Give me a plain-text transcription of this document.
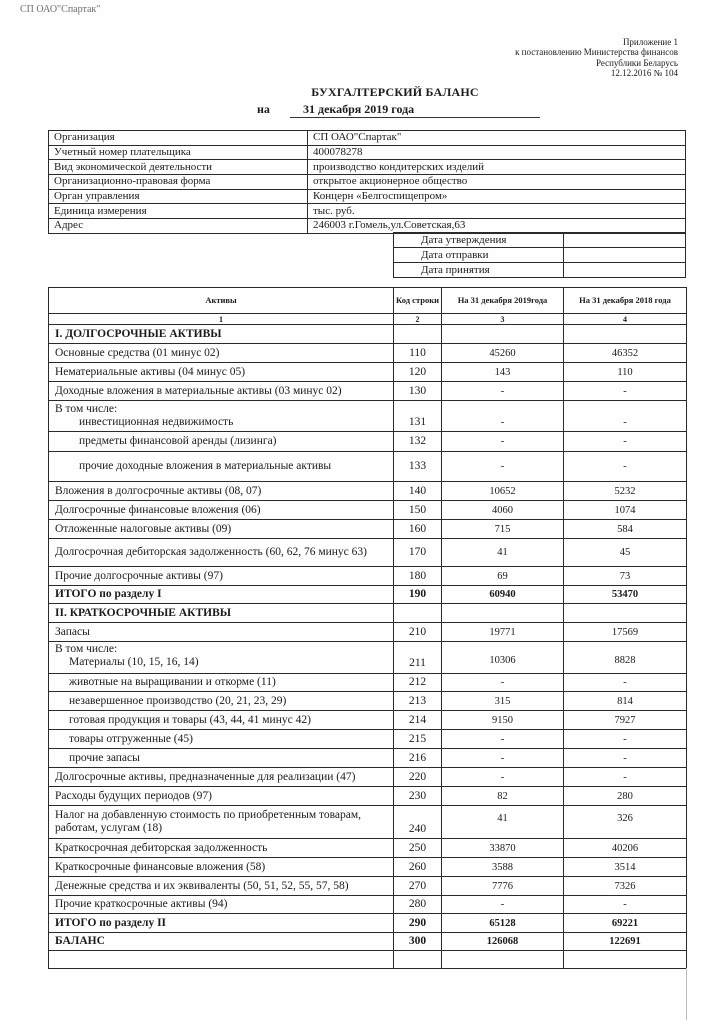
СП ОАО"Спартак"
Приложение 1
к постановлению Министерства финансов
Республики Беларусь
12.12.2016 № 104
БУХГАЛТЕРСКИЙ БАЛАНС
на	31 декабря 2019 года
Организация	СП ОАО"Спартак"
Учетный номер плательщика	400078278
Вид экономической деятельности	производство кондитерских изделий
Организационно-правовая форма	открытое акционерное общество
Орган управления	Концерн «Белгоспищепром»
Единица измерения	тыс. руб.
Адрес	246003 г.Гомель,ул.Советская,63
Дата утверждения	
Дата отправки	
Дата принятия	
Активы	Код строки	На 31 декабря 2019года	На 31 декабря 2018 года
1	2	3	4
I. ДОЛГОСРОЧНЫЕ АКТИВЫ			
Основные средства (01 минус 02)	110	45260	46352
Нематериальные активы (04 минус 05)	120	143	110
Доходные вложения в материальные активы (03 минус 02)	130	-	-

В том числе:
инвестиционная недвижимость	131	-	-
предметы финансовой аренды (лизинга)	132	-	-
прочие доходные вложения в материальные активы	133	-	-
Вложения в долгосрочные активы (08, 07)	140	10652	5232
Долгосрочные финансовые вложения (06)	150	4060	1074
Отложенные налоговые активы (09)	160	715	584
Долгосрочная дебиторская задолженность (60, 62, 76 минус 63)	170	41	45
Прочие долгосрочные активы (97)	180	69	73
ИТОГО по разделу I	190	60940	53470
II. КРАТКОСРОЧНЫЕ АКТИВЫ			
Запасы	210	19771	17569

В том числе:
Материалы (10, 15, 16, 14)	211	10306	8828
животные на выращивании и откорме (11)	212	-	-
незавершенное производство (20, 21, 23, 29)	213	315	814
готовая продукция и товары (43, 44, 41 минус 42)	214	9150	7927
товары отгруженные (45)	215	-	-
прочие запасы	216	-	-
Долгосрочные активы, предназначенные для реализации (47)	220	-	-
Расходы будущих периодов (97)	230	82	280
Налог на добавленную стоимость по приобретенным товарам, работам, услугам (18)	240	41	326
Краткосрочная дебиторская задолженность	250	33870	40206
Краткосрочные финансовые вложения (58)	260	3588	3514
Денежные средства и их эквиваленты (50, 51, 52, 55, 57, 58)	270	7776	7326
Прочие краткосрочные активы (94)	280	-	-
ИТОГО по разделу II	290	65128	69221
БАЛАНС	300	126068	122691
